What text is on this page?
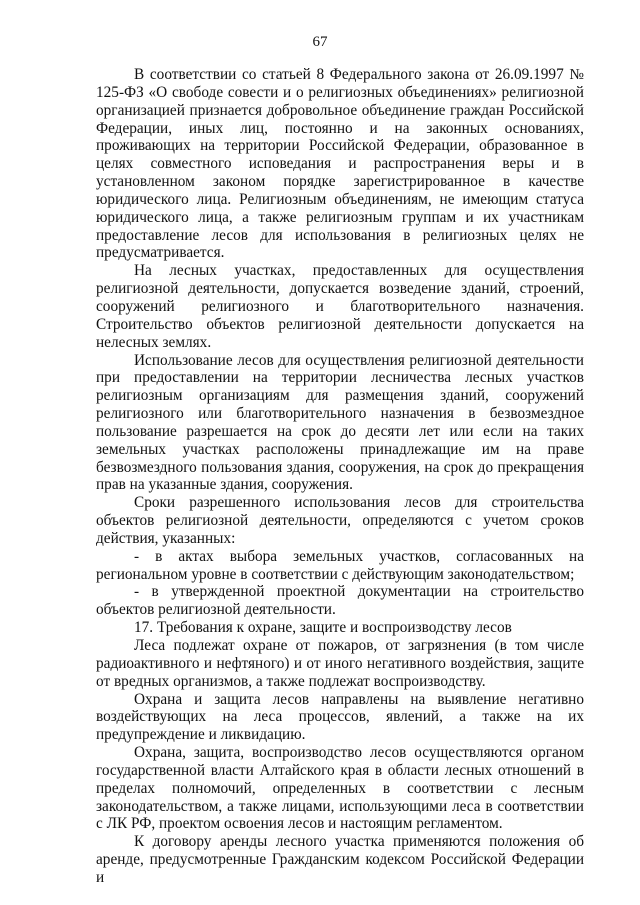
67

В соответствии со статьей 8 Федерального закона от 26.09.1997 № 125-ФЗ «О свободе совести и о религиозных объединениях» религиозной организацией признается добровольное объединение граждан Российской Федерации, иных лиц, постоянно и на законных основаниях, проживающих на территории Российской Федерации, образованное в целях совместного исповедания и распространения веры и в установленном законом порядке зарегистрированное в качестве юридического лица. Религиозным объединениям, не имеющим статуса юридического лица, а также религиозным группам и их участникам предоставление лесов для использования в религиозных целях не предусматривается.

На лесных участках, предоставленных для осуществления религиозной деятельности, допускается возведение зданий, строений, сооружений религиозного и благотворительного назначения. Строительство объектов религиозной деятельности допускается на нелесных землях.

Использование лесов для осуществления религиозной деятельности при предоставлении на территории лесничества лесных участков религиозным организациям для размещения зданий, сооружений религиозного или благотворительного назначения в безвозмездное пользование разрешается на срок до десяти лет или если на таких земельных участках расположены принадлежащие им на праве безвозмездного пользования здания, сооружения, на срок до прекращения прав на указанные здания, сооружения.

Сроки разрешенного использования лесов для строительства объектов религиозной деятельности, определяются с учетом сроков действия, указанных:

- в актах выбора земельных участков, согласованных на региональном уровне в соответствии с действующим законодательством;

- в утвержденной проектной документации на строительство объектов религиозной деятельности.

17. Требования к охране, защите и воспроизводству лесов

Леса подлежат охране от пожаров, от загрязнения (в том числе радиоактивного и нефтяного) и от иного негативного воздействия, защите от вредных организмов, а также подлежат воспроизводству.

Охрана и защита лесов направлены на выявление негативно воздействующих на леса процессов, явлений, а также на их предупреждение и ликвидацию.

Охрана, защита, воспроизводство лесов осуществляются органом государственной власти Алтайского края в области лесных отношений в пределах полномочий, определенных в соответствии с лесным законодательством, а также лицами, использующими леса в соответствии с ЛК РФ, проектом освоения лесов и настоящим регламентом.

К договору аренды лесного участка применяются положения об аренде, предусмотренные Гражданским кодексом Российской Федерации и
